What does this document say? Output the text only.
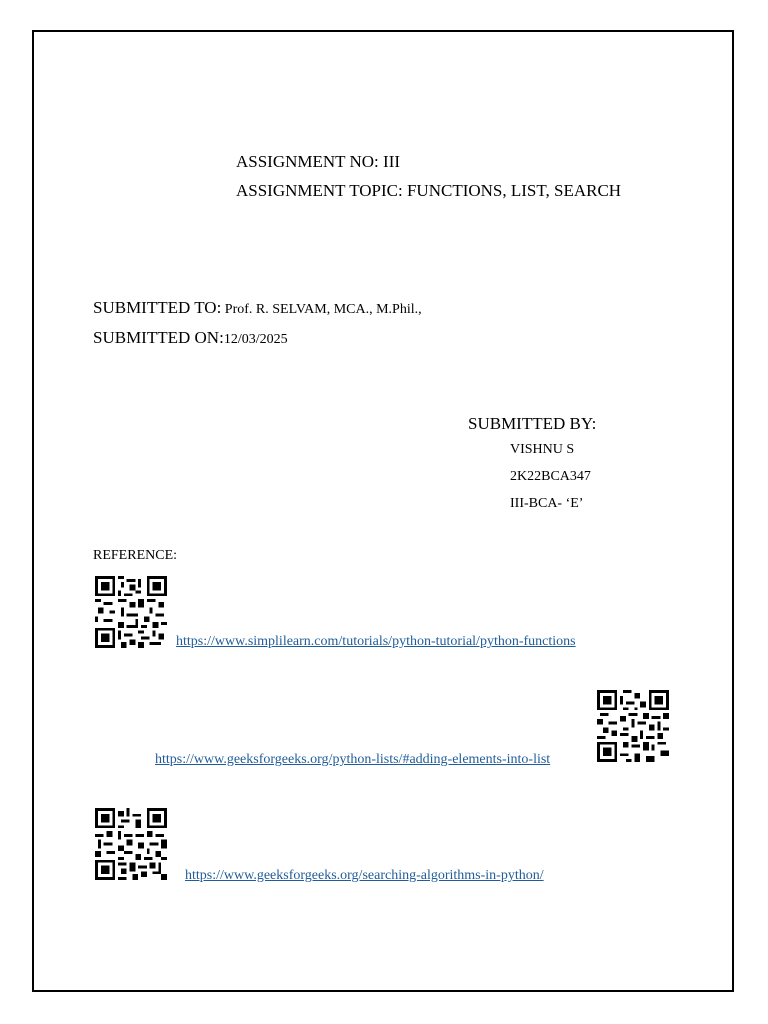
ASSIGNMENT NO: III
ASSIGNMENT TOPIC: FUNCTIONS, LIST, SEARCH
SUBMITTED TO: Prof. R. SELVAM, MCA., M.Phil.,
SUBMITTED ON:12/03/2025
SUBMITTED BY:
VISHNU S
2K22BCA347
III-BCA- ‘E’
REFERENCE:
https://www.simplilearn.com/tutorials/python-tutorial/python-functions
https://www.geeksforgeeks.org/python-lists/#adding-elements-into-list
https://www.geeksforgeeks.org/searching-algorithms-in-python/
